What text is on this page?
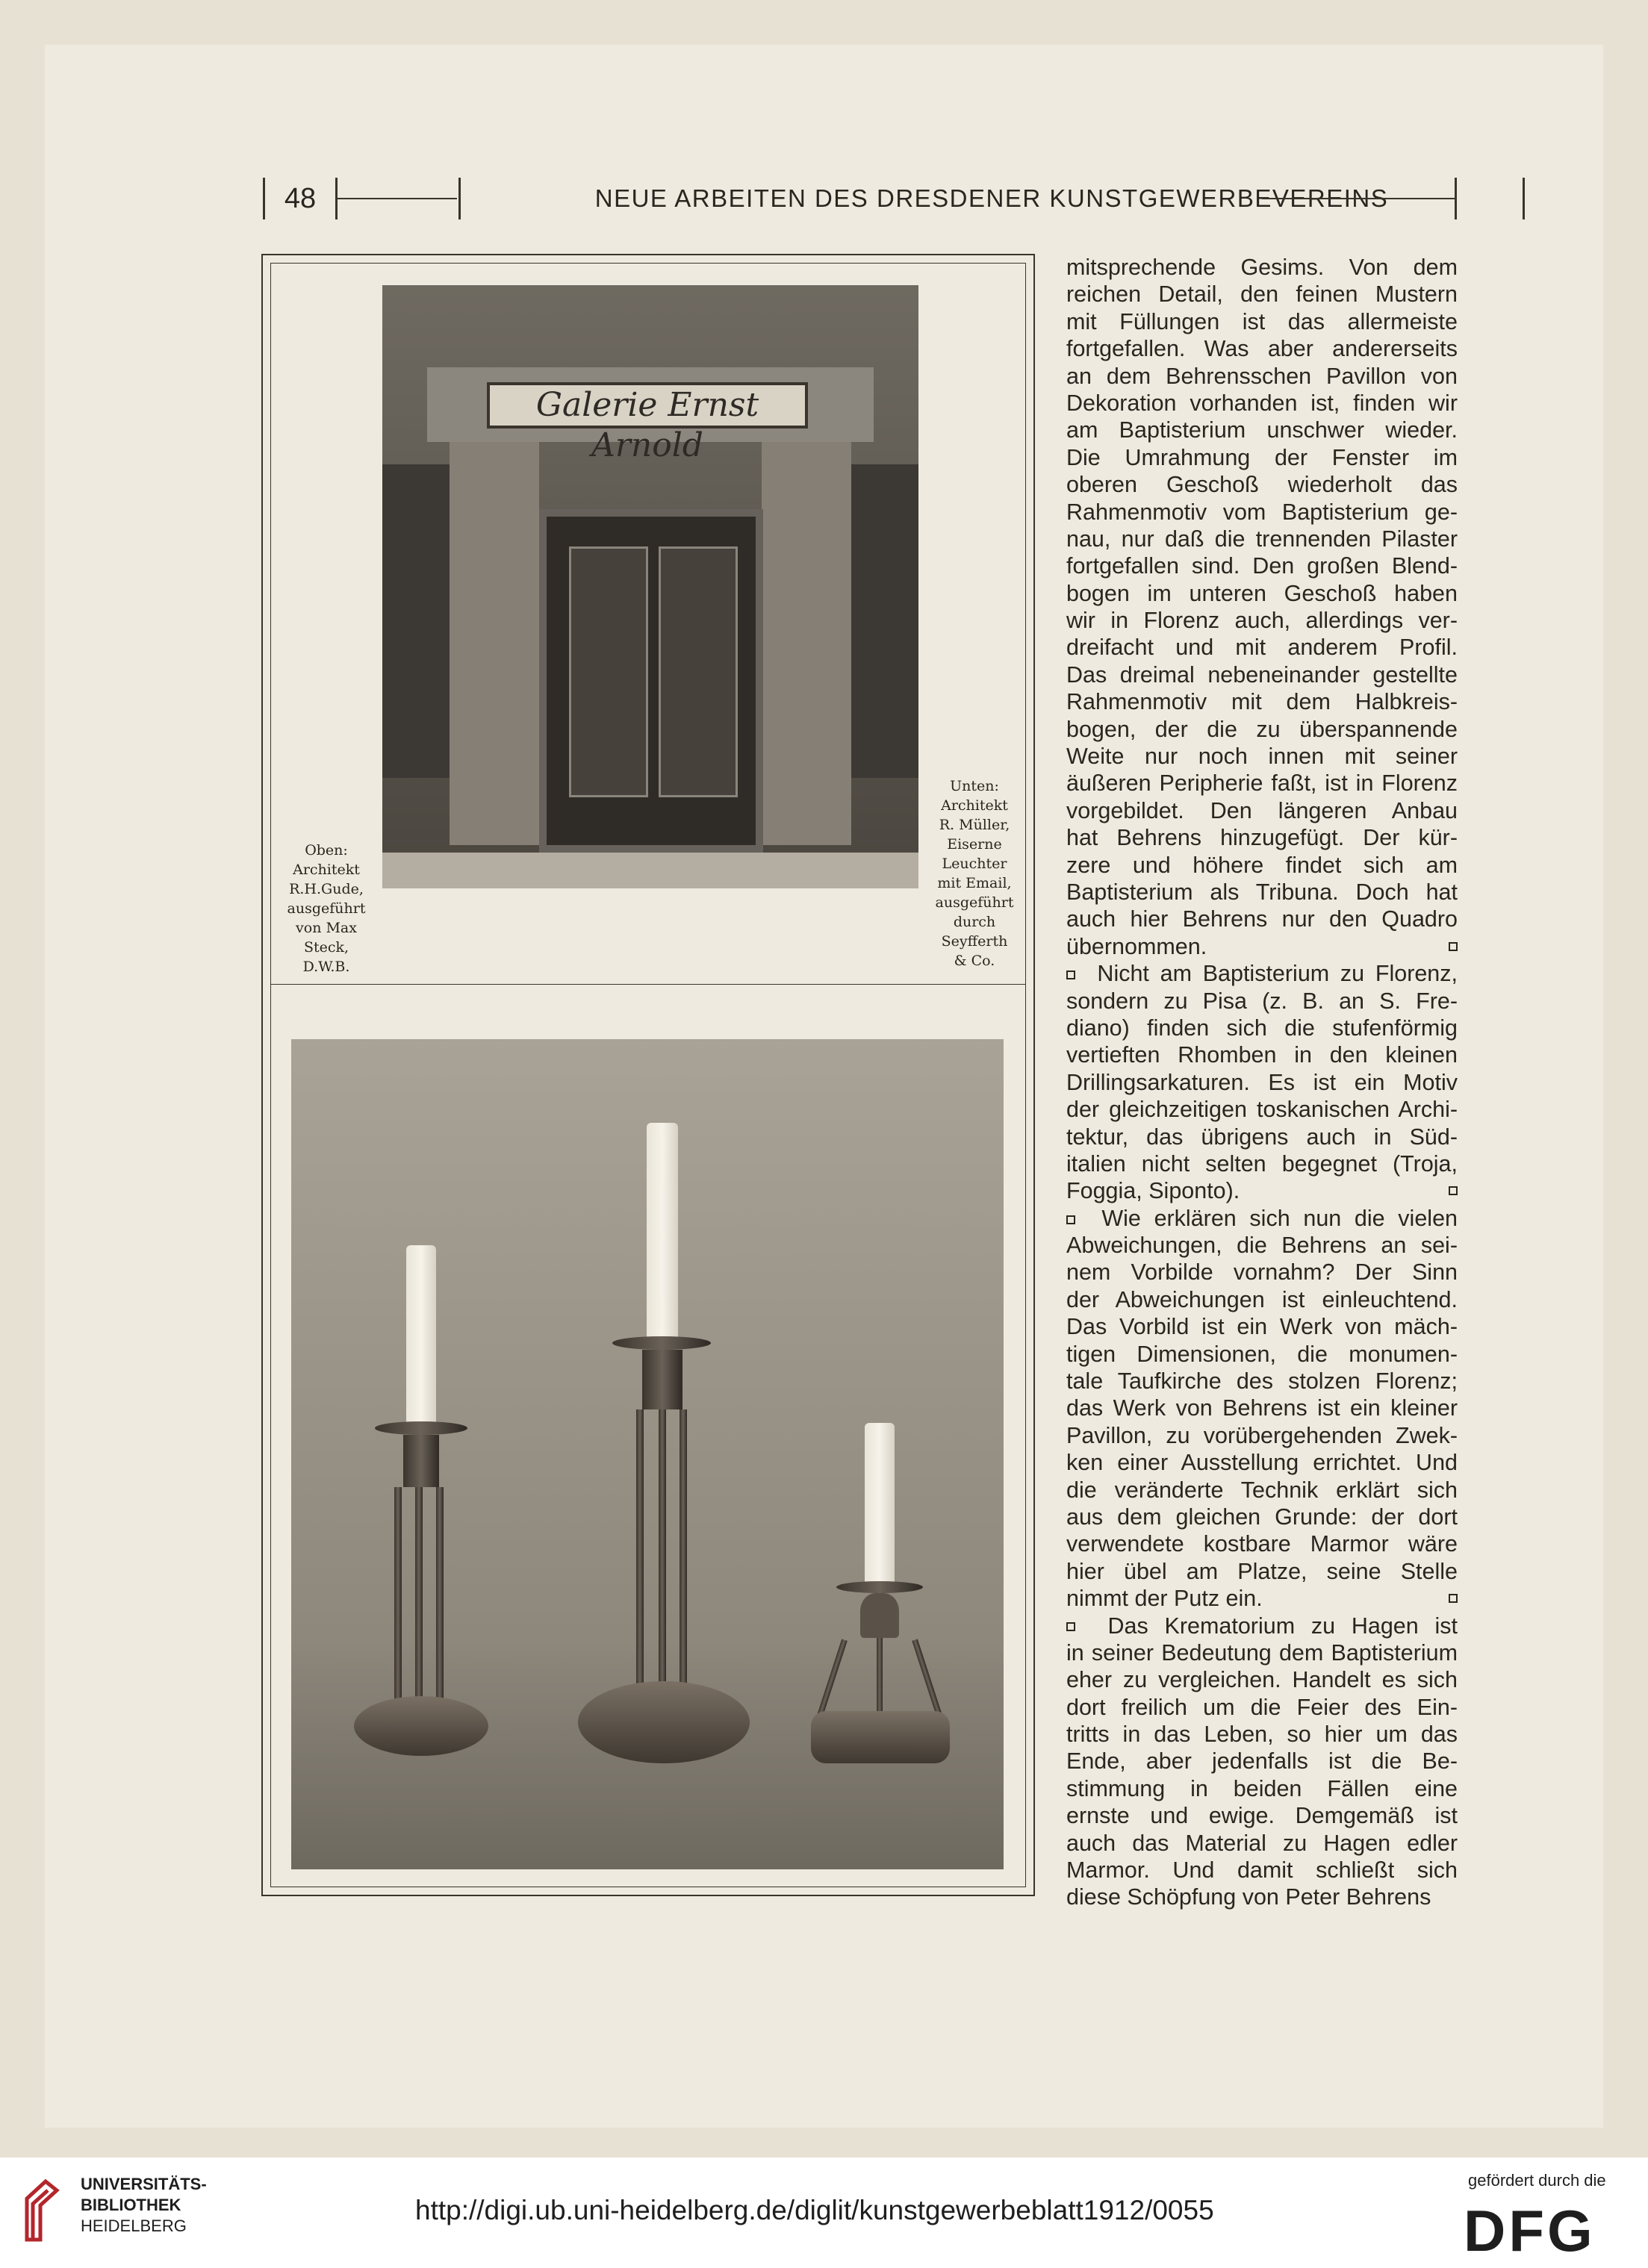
48	NEUE ARBEITEN DES DRESDENER KUNSTGEWERBEVEREINS
Galerie Ernst Arnold
Oben:
Architekt
R.H.Gude,
ausgeführt
von Max
Steck,
D.W.B.
Unten:
Architekt
R. Müller,
Eiserne
Leuchter
mit Email,
ausgeführt
durch
Seyfferth
& Co.
mitsprechende Gesims. Von dem
reichen Detail, den feinen Mustern
mit Füllungen ist das allermeiste
fortgefallen. Was aber andererseits
an dem Behrensschen Pavillon von
Dekoration vorhanden ist, finden wir
am Baptisterium unschwer wieder.
Die Umrahmung der Fenster im
oberen Geschoß wiederholt das
Rahmenmotiv vom Baptisterium ge-
nau, nur daß die trennenden Pilaster
fortgefallen sind. Den großen Blend-
bogen im unteren Geschoß haben
wir in Florenz auch, allerdings ver-
dreifacht und mit anderem Profil.
Das dreimal nebeneinander gestellte
Rahmenmotiv mit dem Halbkreis-
bogen, der die zu überspannende
Weite nur noch innen mit seiner
äußeren Peripherie faßt, ist in Florenz
vorgebildet. Den längeren Anbau
hat Behrens hinzugefügt. Der kür-
zere und höhere findet sich am
Baptisterium als Tribuna. Doch hat
auch hier Behrens nur den Quadro
übernommen.
Nicht am Baptisterium zu Florenz,
sondern zu Pisa (z. B. an S. Fre-
diano) finden sich die stufenförmig
vertieften Rhomben in den kleinen
Drillingsarkaturen. Es ist ein Motiv
der gleichzeitigen toskanischen Archi-
tektur, das übrigens auch in Süd-
italien nicht selten begegnet (Troja,
Foggia, Siponto).
Wie erklären sich nun die vielen
Abweichungen, die Behrens an sei-
nem Vorbilde vornahm? Der Sinn
der Abweichungen ist einleuchtend.
Das Vorbild ist ein Werk von mäch-
tigen Dimensionen, die monumen-
tale Taufkirche des stolzen Florenz;
das Werk von Behrens ist ein kleiner
Pavillon, zu vorübergehenden Zwek-
ken einer Ausstellung errichtet. Und
die veränderte Technik erklärt sich
aus dem gleichen Grunde: der dort
verwendete kostbare Marmor wäre
hier übel am Platze, seine Stelle
nimmt der Putz ein.
Das Krematorium zu Hagen ist
in seiner Bedeutung dem Baptisterium
eher zu vergleichen. Handelt es sich
dort freilich um die Feier des Ein-
tritts in das Leben, so hier um das
Ende, aber jedenfalls ist die Be-
stimmung in beiden Fällen eine
ernste und ewige. Demgemäß ist
auch das Material zu Hagen edler
Marmor. Und damit schließt sich
diese Schöpfung von Peter Behrens
UNIVERSITÄTS-
BIBLIOTHEK
HEIDELBERG
http://digi.ub.uni-heidelberg.de/diglit/kunstgewerbeblatt1912/0055
gefördert durch die
DFG
